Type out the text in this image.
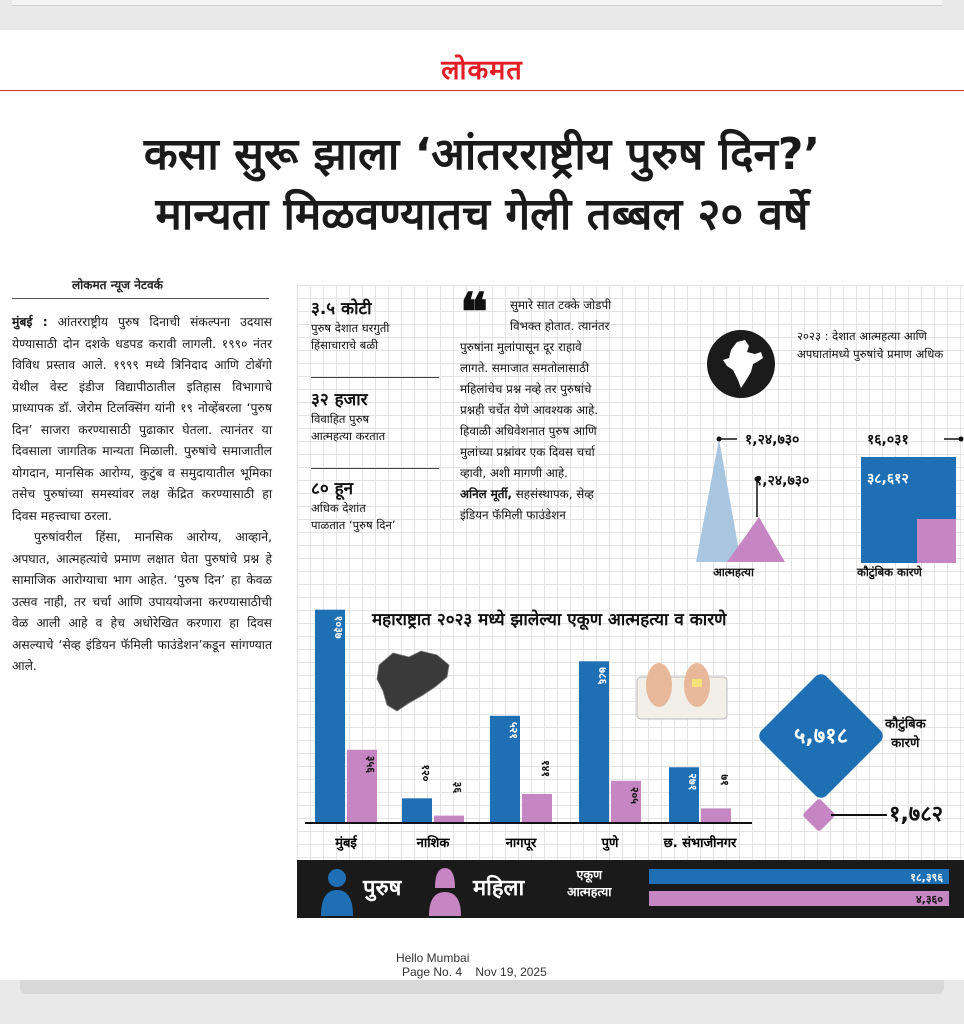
लोकमत
कसा सुरू झाला ‘आंतरराष्ट्रीय पुरुष दिन?’
मान्यता मिळवण्यातच गेली तब्बल २० वर्षे
लोकमत न्यूज नेटवर्क

मुंबई : आंतरराष्ट्रीय पुरुष दिनाची संकल्पना उदयास येण्यासाठी दोन दशके धडपड करावी लागली. १९९० नंतर विविध प्रस्ताव आले. १९९९ मध्ये त्रिनिदाद आणि टोबॅगो येथील वेस्ट इंडीज विद्यापीठातील इतिहास विभागाचे प्राध्यापक डॉ. जेरोम टिलक्सिंग यांनी १९ नोव्हेंबरला ‘पुरुष दिन’ साजरा करण्यासाठी पुढाकार घेतला. त्यानंतर या दिवसाला जागतिक मान्यता मिळाली. पुरुषांचे समाजातील योगदान, मानसिक आरोग्य, कुटुंब व समुदायातील भूमिका तसेच पुरुषांच्या समस्यांवर लक्ष केंद्रित करण्यासाठी हा दिवस महत्त्वाचा ठरला.

पुरुषांवरील हिंसा, मानसिक आरोग्य, आव्हाने, अपघात, आत्महत्यांचे प्रमाण लक्षात घेता पुरुषांचे प्रश्न हे सामाजिक आरोग्याचा भाग आहेत. ‘पुरुष दिन’ हा केवळ उत्सव नाही, तर चर्चा आणि उपाययोजना करण्यासाठीची वेळ आली आहे व हेच अधोरेखित करणारा हा दिवस असल्याचे ‘सेव्ह इंडियन फॅमिली फाउंडेशन’कडून सांगण्यात आले.

३.५ कोटी
पुरुष देशात घरगुती
हिंसाचाराचे बळी
३२ हजार
विवाहित पुरुष
आत्महत्या करतात
८० हून
अधिक देशांत
पाळतात ‘पुरुष दिन’
❝	सुमारे सात टक्के जोडपी
विभक्त होतात. त्यानंतर
पुरुषांना मुलांपासून दूर राहावे
लागते. समाजात समतोलासाठी
महिलांचेच प्रश्न नव्हे तर पुरुषांचे
प्रश्नही चर्चेत येणे आवश्यक आहे.
हिवाळी अधिवेशनात पुरुष आणि
मुलांच्या प्रश्नांवर एक दिवस चर्चा
व्हावी, अशी मागणी आहे.
अनिल मूर्ती, सहसंस्थापक, सेव्ह
इंडियन फॅमिली फाउंडेशन
२०२३ : देशात आत्महत्या आणि अपघातांमध्ये पुरुषांचे प्रमाण अधिक
१,२४,७३०
१,२४,७३०
१६,०३१
३८,६१२
आत्महत्या	कौटुंबिक कारणे
महाराष्ट्रात २०२३ मध्ये झालेल्या एकूण आत्महत्या व कारणे
१०३७
३५६	१२०
३६
५२१
१४१
७८६
२०५
२७१ ७१
मुंबई	नाशिक	नागपूर	पुणे	छ. संभाजीनगर
५,७१८	कौटुंबिक
कारणे
१,७८२
पुरुष	महिला
एकूण
आत्महत्या
१८,३९६
४,३६०
Hello Mumbai
Page No. 4    Nov 19, 2025
